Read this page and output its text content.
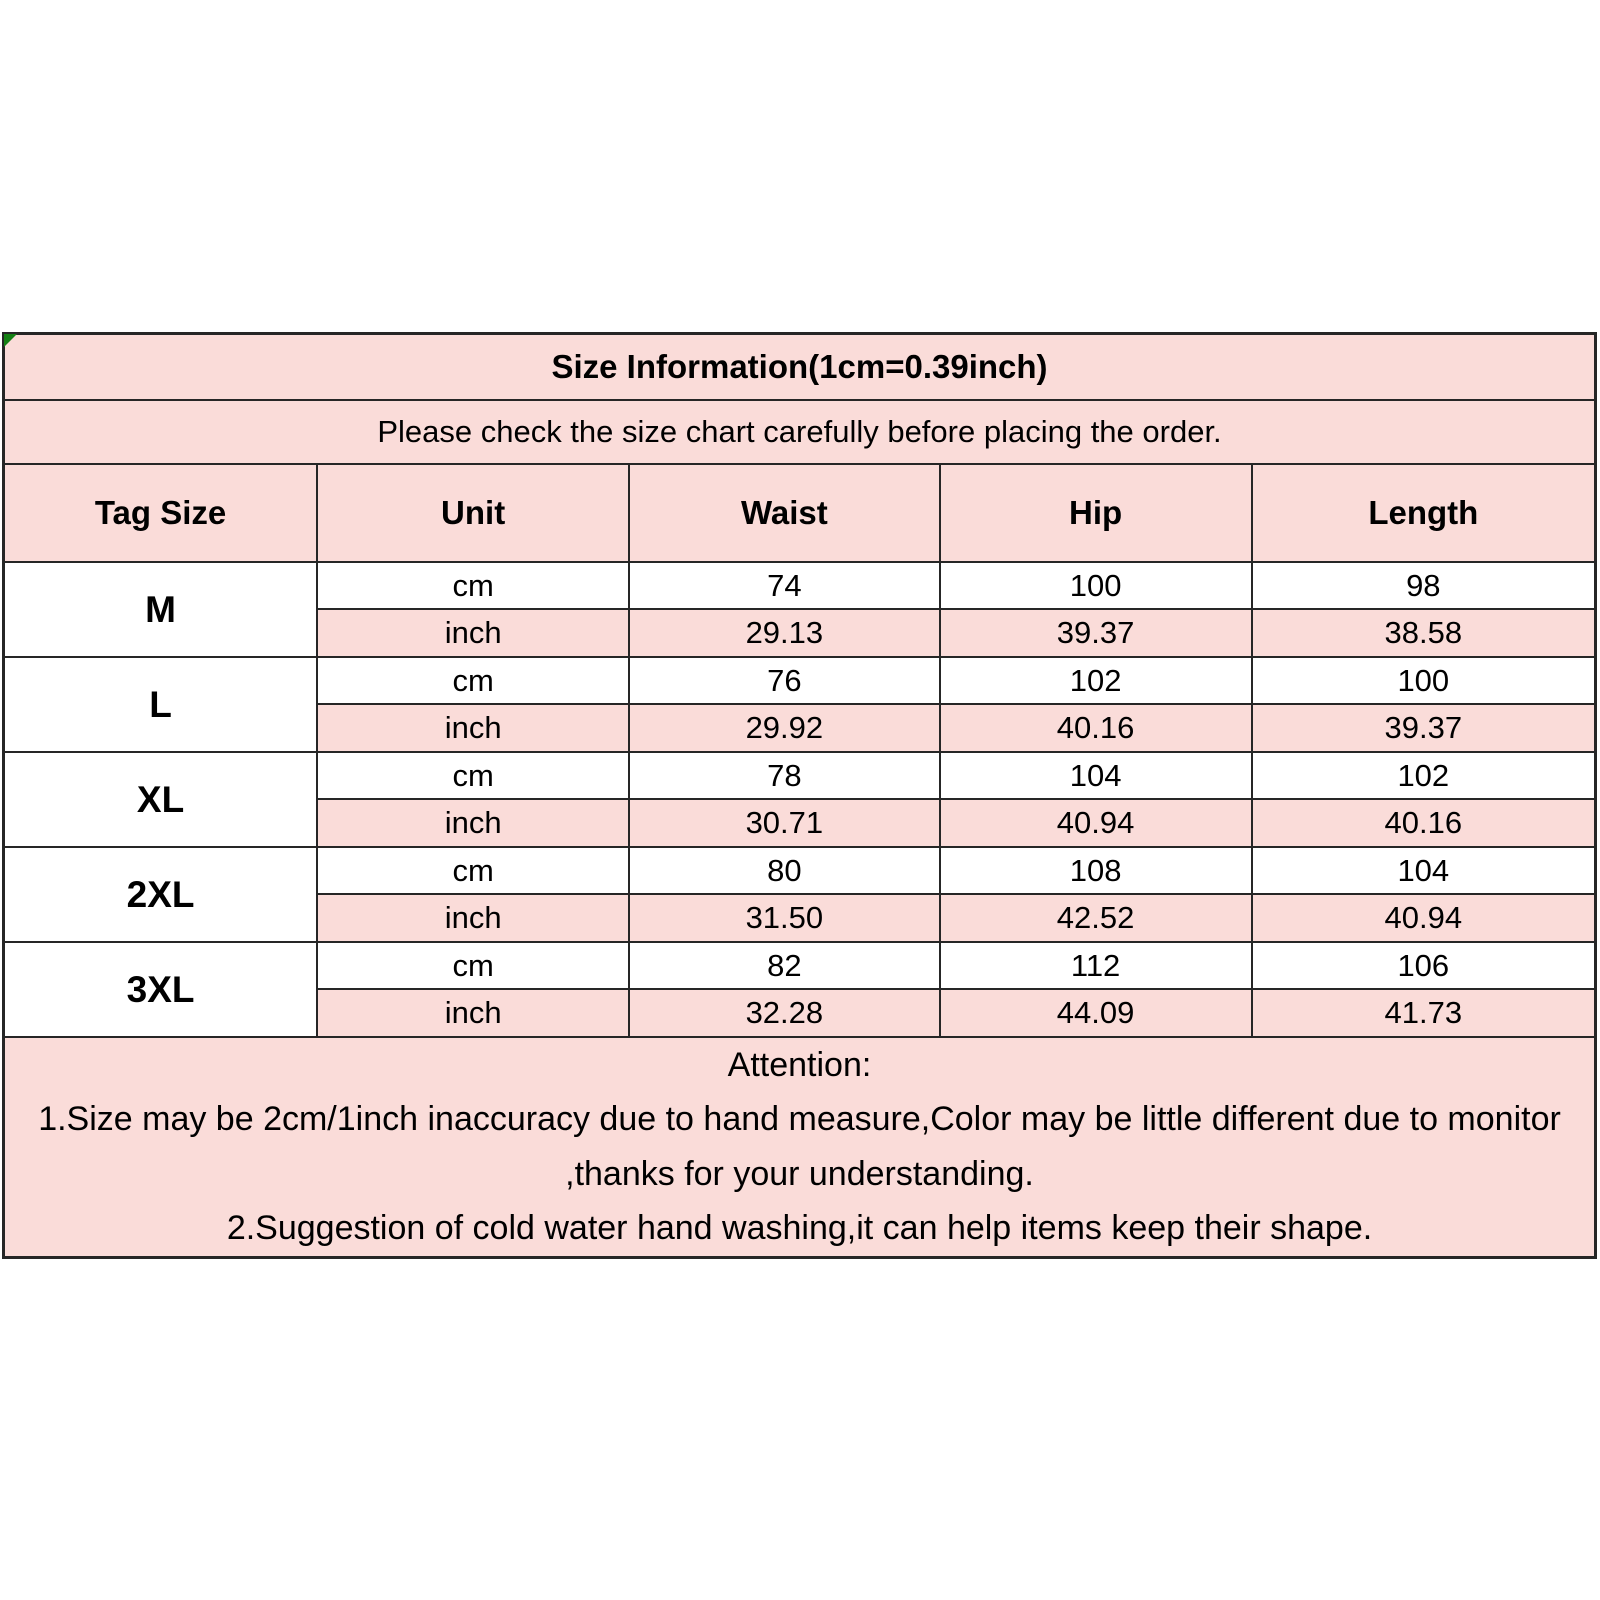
Size Information(1cm=0.39inch)				
Please check the size chart carefully before placing the order.				
Tag Size	Unit	Waist	Hip	Length
M	cm	74	100	98
	inch	29.13	39.37	38.58
L	cm	76	102	100
	inch	29.92	40.16	39.37
XL	cm	78	104	102
	inch	30.71	40.94	40.16
2XL	cm	80	108	104
	inch	31.50	42.52	40.94
3XL	cm	82	112	106
	inch	32.28	44.09	41.73

Attention:
1.Size may be 2cm/1inch inaccuracy due to hand measure,Color may be little different due to monitor
,thanks for your understanding.
2.Suggestion of cold water hand washing,it can help items keep their shape.				
